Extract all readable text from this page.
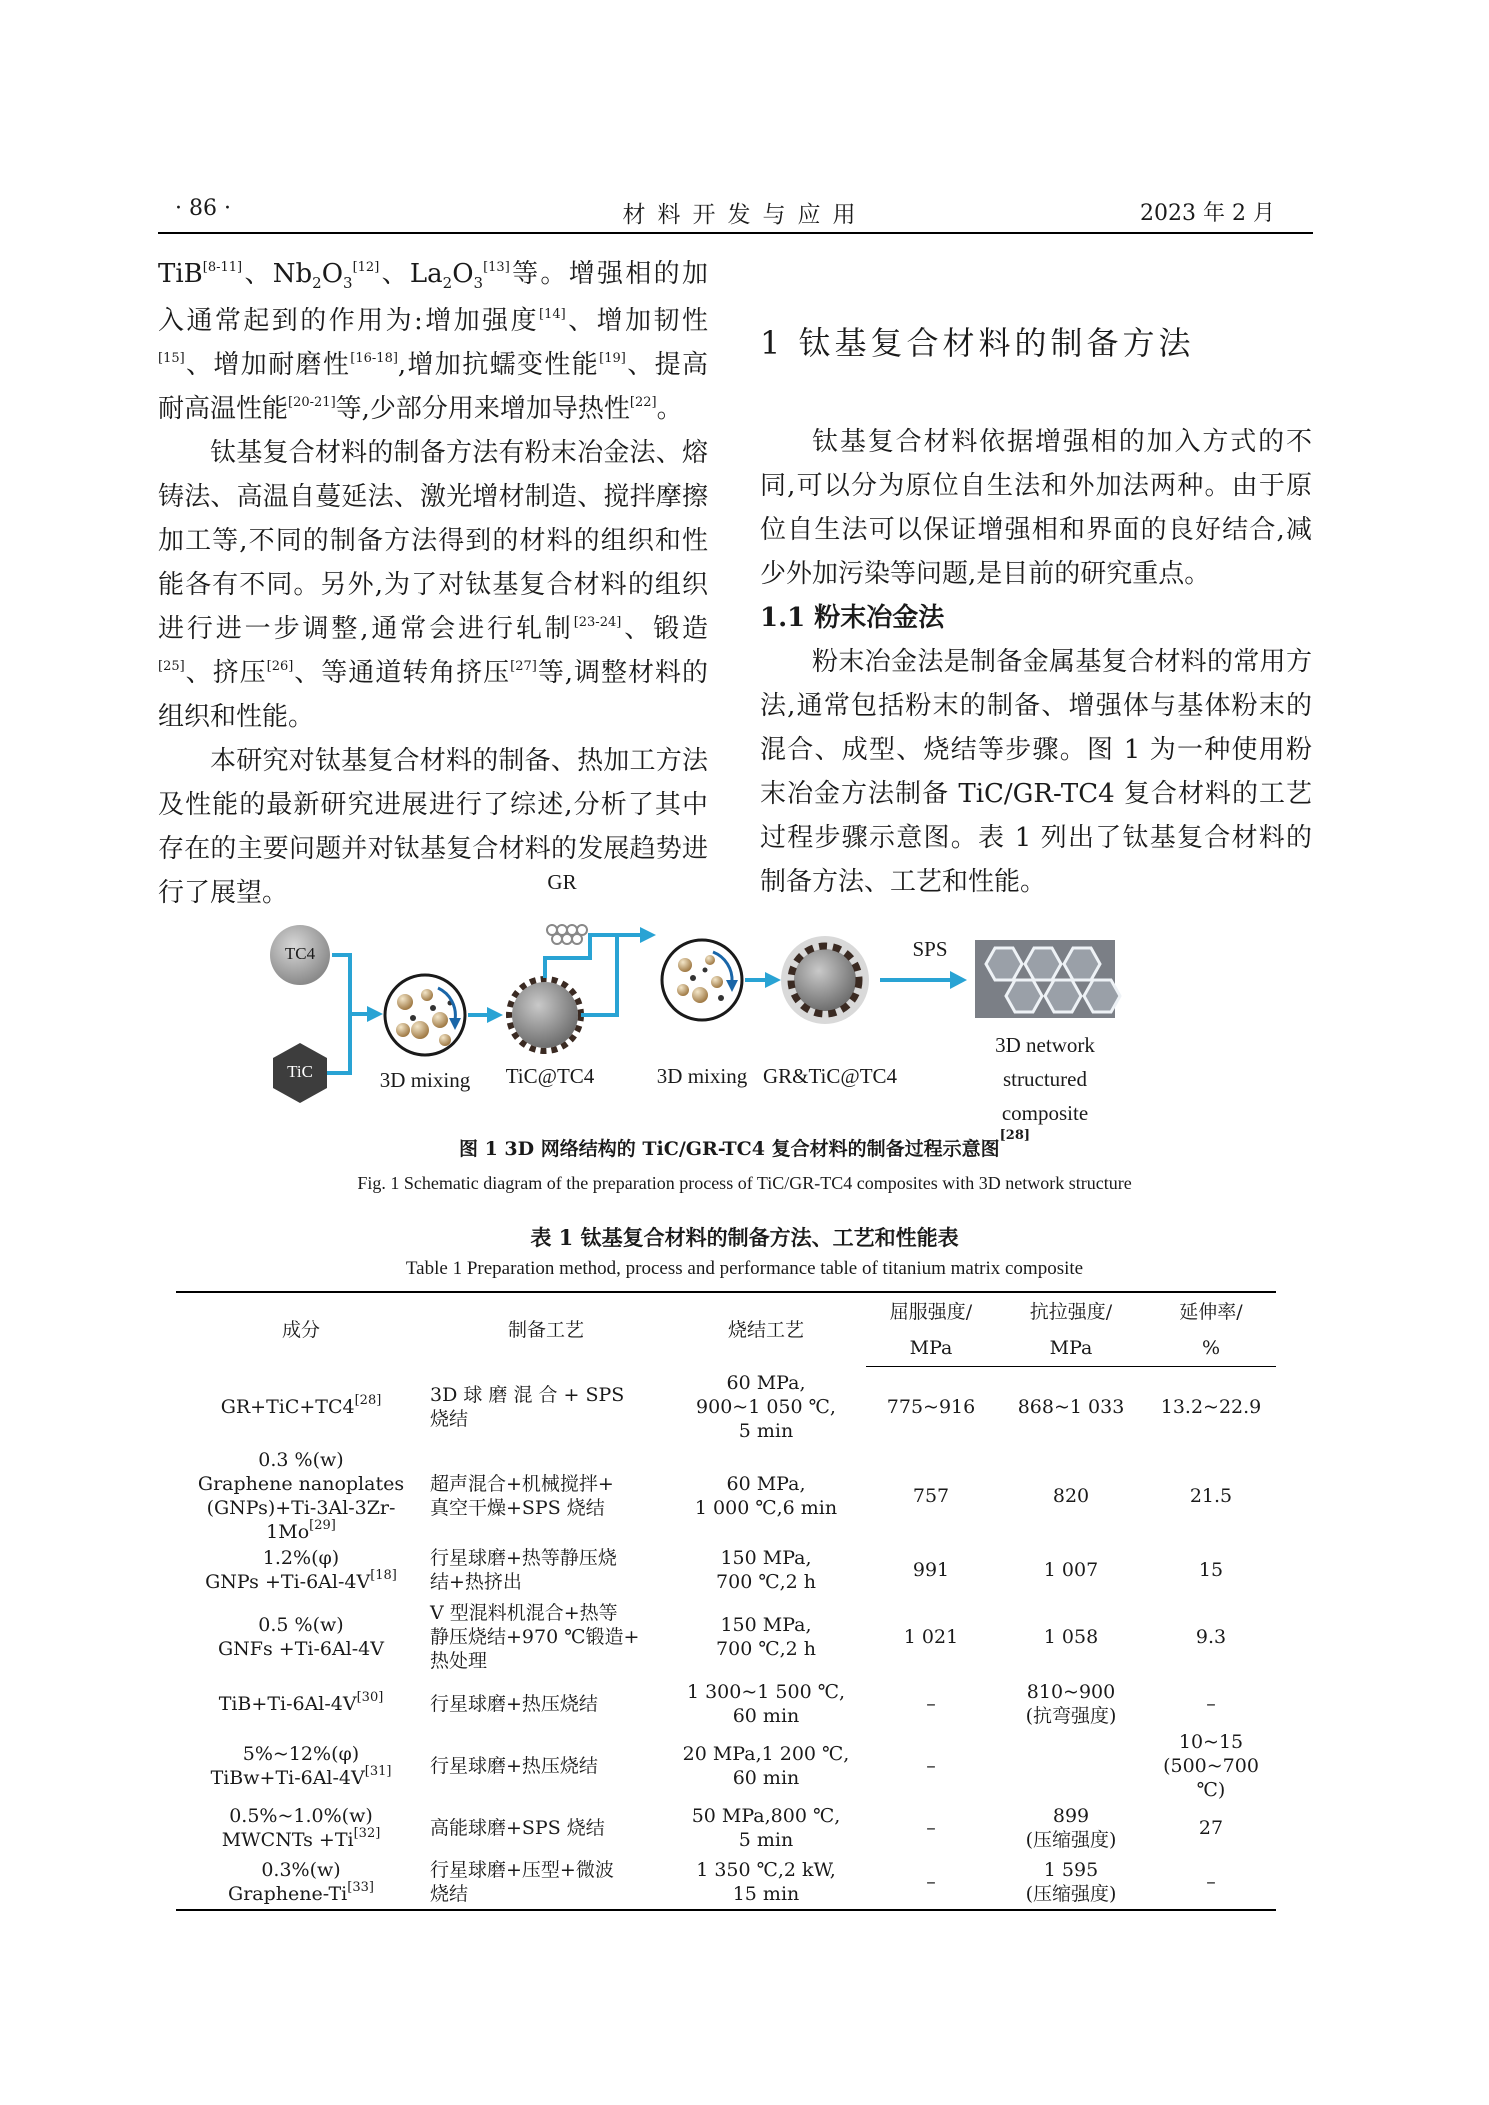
· 86 ·	材料开发与应用	2023 年 2 月

TiB[8-11]、$Nb_2O_3[12]$、$La_2O_3[13]$等。增强相的加入通常起到的作用为:增加强度[14]、增加韧性[15]、增加耐磨性[16-18],增加抗蠕变性能[19]、提高耐高温性能[20-21]等,少部分用来增加导热性[22]。

钛基复合材料的制备方法有粉末冶金法、熔铸法、高温自蔓延法、激光增材制造、搅拌摩擦加工等,不同的制备方法得到的材料的组织和性能各有不同。另外,为了对钛基复合材料的组织进行进一步调整,通常会进行轧制[23-24]、锻造[25]、挤压[26]、等通道转角挤压[27]等,调整材料的组织和性能。

本研究对钛基复合材料的制备、热加工方法及性能的最新研究进展进行了综述,分析了其中存在的主要问题并对钛基复合材料的发展趋势进行了展望。

1 钛基复合材料的制备方法

钛基复合材料依据增强相的加入方式的不同,可以分为原位自生法和外加法两种。由于原位自生法可以保证增强相和界面的良好结合,减少外加污染等问题,是目前的研究重点。

1.1 粉末冶金法

粉末冶金法是制备金属基复合材料的常用方法,通常包括粉末的制备、增强体与基体粉末的混合、成型、烧结等步骤。图 1 为一种使用粉末冶金方法制备 TiC/GR-TC4 复合材料的工艺过程步骤示意图。表 1 列出了钛基复合材料的制备方法、工艺和性能。

GR
TC4
TiC	3D mixing	TiC@TC4	3D mixing GR&TiC@TC4
SPS
3D network
structured
composite
图 1 3D 网络结构的 TiC/GR-TC4 复合材料的制备过程示意图[28]
Fig. 1 Schematic diagram of the preparation process of TiC/GR-TC4 composites with 3D network structure
表 1 钛基复合材料的制备方法、工艺和性能表
Table 1 Preparation method, process and performance table of titanium matrix composite
成分	制备工艺	烧结工艺	屈服强度/	抗拉强度/	延伸率/
			MPa	MPa	%

GR+TiC+TC4[28]	3D 球 磨 混 合 + SPS
烧结	60 MPa,
900~1 050 ℃,
5 min	775~916	868~1 033	13.2~22.9

0.3 %(w)
Graphene nanoplates
(GNPs)+Ti-3Al-3Zr-
1Mo[29]	超声混合+机械搅拌+
真空干燥+SPS 烧结	60 MPa,
1 000 ℃,6 min	757	820	21.5

1.2%(φ)
GNPs +Ti-6Al-4V[18]	行星球磨+热等静压烧
结+热挤出	150 MPa,
700 ℃,2 h	991	1 007	15

0.5 %(w)
GNFs +Ti-6Al-4V	V 型混料机混合+热等
静压烧结+970 ℃锻造+
热处理	150 MPa,
700 ℃,2 h	1 021	1 058	9.3

TiB+Ti-6Al-4V[30]	行星球磨+热压烧结	1 300~1 500 ℃,
60 min	–	810~900
(抗弯强度)	–

5%~12%(φ)
TiBw+Ti-6Al-4V[31]	行星球磨+热压烧结	20 MPa,1 200 ℃,
60 min	–		10~15
(500~700 ℃)

0.5%~1.0%(w)
MWCNTs +Ti[32]	高能球磨+SPS 烧结	50 MPa,800 ℃,
5 min	–	899
(压缩强度)	27

0.3%(w)
Graphene-Ti[33]	行星球磨+压型+微波
烧结	1 350 ℃,2 kW,
15 min	–	1 595
(压缩强度)	–
